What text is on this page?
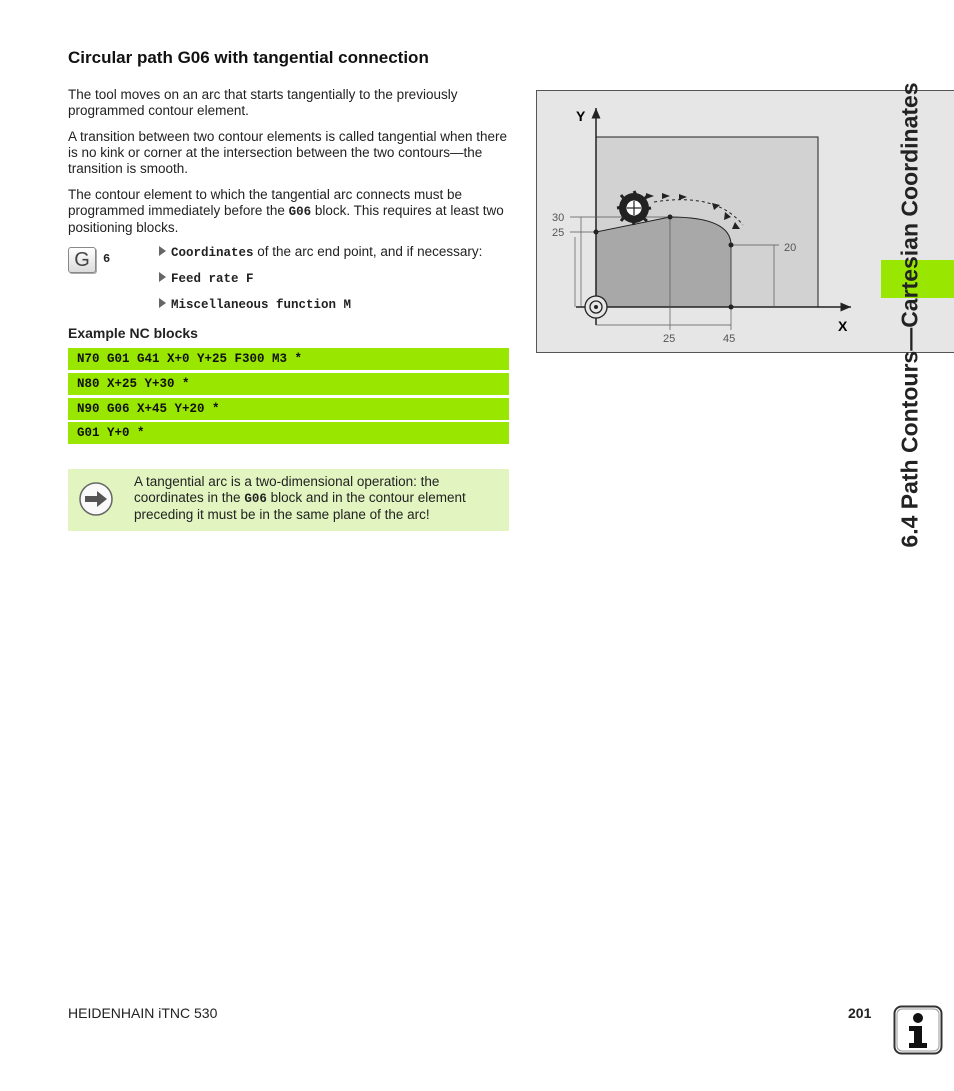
Circular path G06 with tangential connection

The tool moves on an arc that starts tangentially to the previously programmed contour element.

A transition between two contour elements is called tangential when there is no kink or corner at the intersection between the two contours—the transition is smooth.

The contour element to which the tangential arc connects must be programmed immediately before the G06 block. This requires at least two positioning blocks.

G	6	Coordinates of the arc end point, and if necessary:
Feed rate F
Miscellaneous function M
Example NC blocks
N70 G01 G41 X+0 Y+25 F300 M3 *
N80 X+25 Y+30 *
N90 G06 X+45 Y+20 *
G01 Y+0 *
A tangential arc is a two-dimensional operation: the coordinates in the G06 block and in the contour element preceding it must be in the same plane of the arc!
X
Y
30
25
25	45
20	6.4 Path Contours—Cartesian Coordinates
HEIDENHAIN iTNC 530	201
